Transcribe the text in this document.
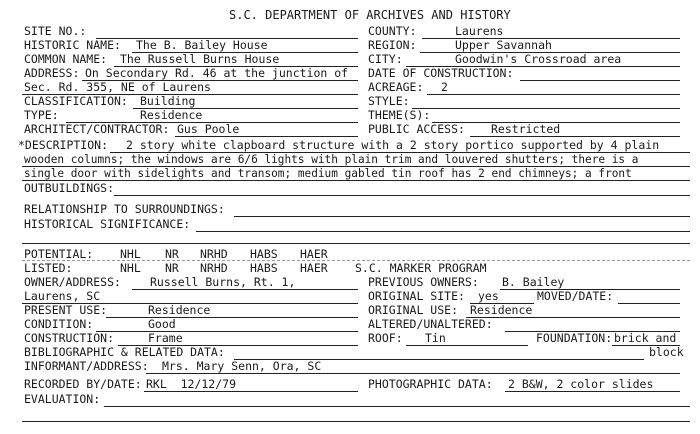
S.C. DEPARTMENT OF ARCHIVES AND HISTORY
SITE NO.:
HISTORIC NAME: The B. Bailey House
COMMON NAME: The Russell Burns House
ADDRESS: On Secondary Rd. 46 at the junction of
Sec. Rd. 355, NE of Laurens
CLASSIFICATION: Building
TYPE:	Residence
ARCHITECT/CONTRACTOR: Gus Poole
COUNTY:	Laurens
REGION:	Upper Savannah
CITY:	Goodwin's Crossroad area
DATE OF CONSTRUCTION:
ACREAGE: 2
STYLE:
THEME(S):
PUBLIC ACCESS: Restricted
*DESCRIPTION: 2 story white clapboard structure with a 2 story portico supported by 4 plain
wooden columns; the windows are 6/6 lights with plain trim and louvered shutters; there is a
single door with sidelights and transom; medium gabled tin roof has 2 end chimneys; a front
OUTBUILDINGS:
RELATIONSHIP TO SURROUNDINGS:
HISTORICAL SIGNIFICANCE:
POTENTIAL: NHL NR NRHD HABS HAER
LISTED:	NHL NR NRHD HABS HAER S.C. MARKER PROGRAM
OWNER/ADDRESS:	Russell Burns, Rt. 1,
Laurens, SC
PREVIOUS OWNERS: B. Bailey
ORIGINAL SITE: yes	MOVED/DATE:
PRESENT USE:	Residence	ORIGINAL USE: Residence
CONDITION:	Good	ALTERED/UNALTERED:
CONSTRUCTION:	Frame	ROOF: Tin	FOUNDATION: brick and
BIBLIOGRAPHIC & RELATED DATA:	block
INFORMANT/ADDRESS: Mrs. Mary Senn, Ora, SC
RECORDED BY/DATE: RKL  12/12/79	PHOTOGRAPHIC DATA: 2 B&W, 2 color slides
EVALUATION:
